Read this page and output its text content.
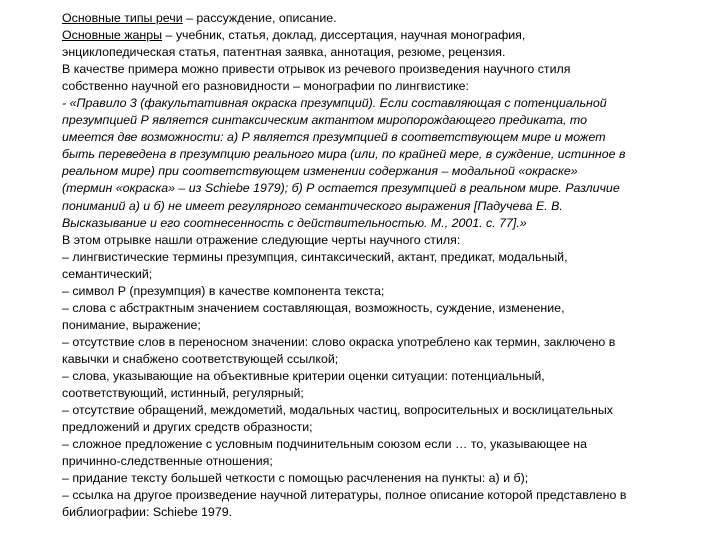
Основные типы речи – рассуждение, описание.
Основные жанры – учебник, статья, доклад, диссертация, научная монография,
энциклопедическая статья, патентная заявка, аннотация, резюме, рецензия.
В качестве примера можно привести отрывок из речевого произведения научного стиля
собственно научной его разновидности – монографии по лингвистике:
- «Правило 3 (факультативная окраска презумпций). Если составляющая с потенциальной
презумпцией Р является синтаксическим актантом миропорождающего предиката, то
имеется две возможности: а) Р является презумпцией в соответствующем мире и может
быть переведена в презумпцию реального мира (или, по крайней мере, в суждение, истинное в
реальном мире) при соответствующем изменении содержания – модальной «окраске»
(термин «окраска» – из Schiebe 1979); б) Р остается презумпцией в реальном мире. Различие
пониманий а) и б) не имеет регулярного семантического выражения [Падучева Е. В.
Высказывание и его соотнесенность с действительностью. М., 2001. с. 77].»
В этом отрывке нашли отражение следующие черты научного стиля:
– лингвистические термины презумпция, синтаксический, актант, предикат, модальный,
семантический;
– символ Р (презумпция) в качестве компонента текста;
– слова с абстрактным значением составляющая, возможность, суждение, изменение,
понимание, выражение;
– отсутствие слов в переносном значении: слово окраска употреблено как термин, заключено в
кавычки и снабжено соответствующей ссылкой;
– слова, указывающие на объективные критерии оценки ситуации: потенциальный,
соответствующий, истинный, регулярный;
– отсутствие обращений, междометий, модальных частиц, вопросительных и восклицательных
предложений и других средств образности;
– сложное предложение с условным подчинительным союзом если … то, указывающее на
причинно-следственные отношения;
– придание тексту большей четкости с помощью расчленения на пункты: а) и б);
– ссылка на другое произведение научной литературы, полное описание которой представлено в
библиографии: Schiebe 1979.
